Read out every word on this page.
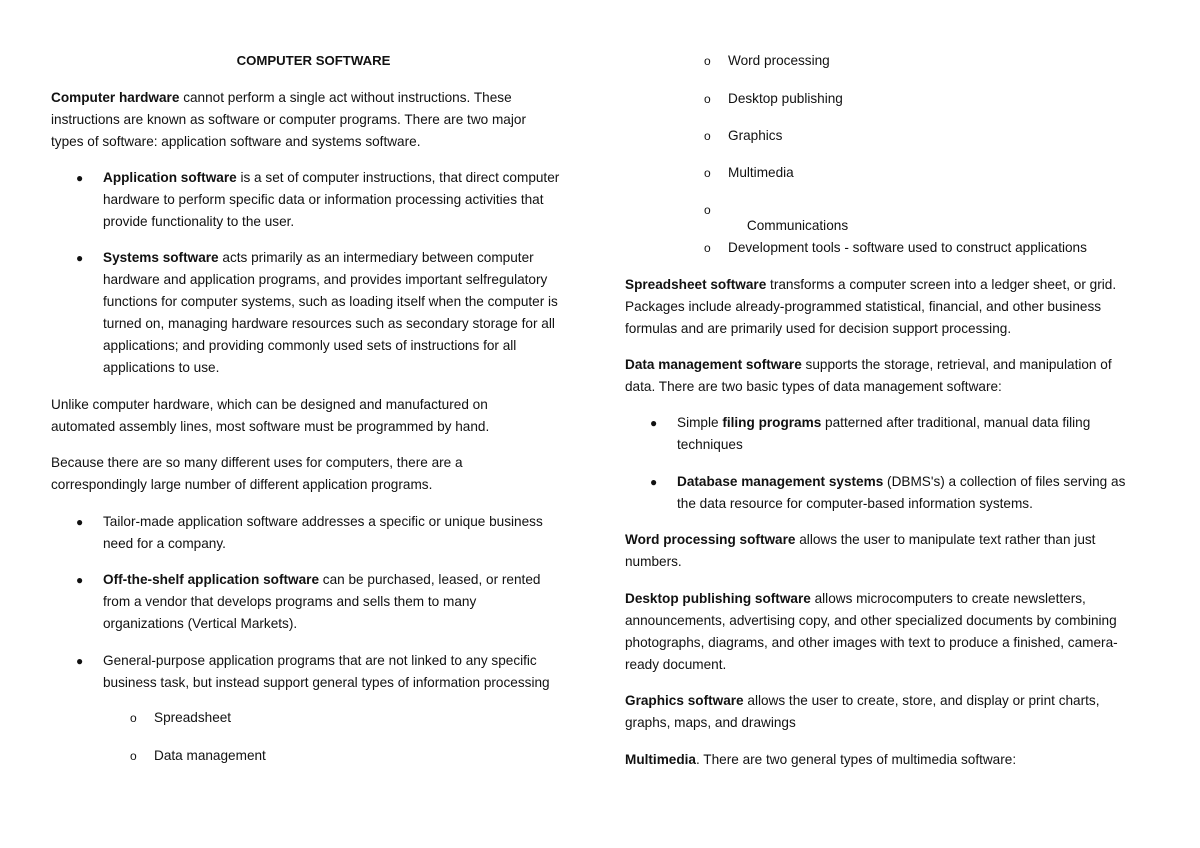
COMPUTER SOFTWARE
Computer hardware cannot perform a single act without instructions. These instructions are known as software or computer programs. There are two major types of software: application software and systems software.
● Application software is a set of computer instructions, that direct computer hardware to perform specific data or information processing activities that provide functionality to the user.
● Systems software acts primarily as an intermediary between computer hardware and application programs, and provides important selfregulatory functions for computer systems, such as loading itself when the computer is turned on, managing hardware resources such as secondary storage for all applications; and providing commonly used sets of instructions for all applications to use.
Unlike computer hardware, which can be designed and manufactured on automated assembly lines, most software must be programmed by hand.
Because there are so many different uses for computers, there are a correspondingly large number of different application programs.
● Tailor-made application software addresses a specific or unique business need for a company.
● Off-the-shelf application software can be purchased, leased, or rented from a vendor that develops programs and sells them to many organizations (Vertical Markets).
● General-purpose application programs that are not linked to any specific business task, but instead support general types of information processing
o Spreadsheet
o Data management
o Word processing
o Desktop publishing
o Graphics
o Multimedia

o
Communications

o Development tools - software used to construct applications
Spreadsheet software transforms a computer screen into a ledger sheet, or grid. Packages include already-programmed statistical, financial, and other business formulas and are primarily used for decision support processing.
Data management software supports the storage, retrieval, and manipulation of data. There are two basic types of data management software:
● Simple filing programs patterned after traditional, manual data filing techniques
● Database management systems (DBMS's) a collection of files serving as the data resource for computer-based information systems.
Word processing software allows the user to manipulate text rather than just numbers.
Desktop publishing software allows microcomputers to create newsletters, announcements, advertising copy, and other specialized documents by combining photographs, diagrams, and other images with text to produce a finished, camera-ready document.
Graphics software allows the user to create, store, and display or print charts, graphs, maps, and drawings
Multimedia. There are two general types of multimedia software:
